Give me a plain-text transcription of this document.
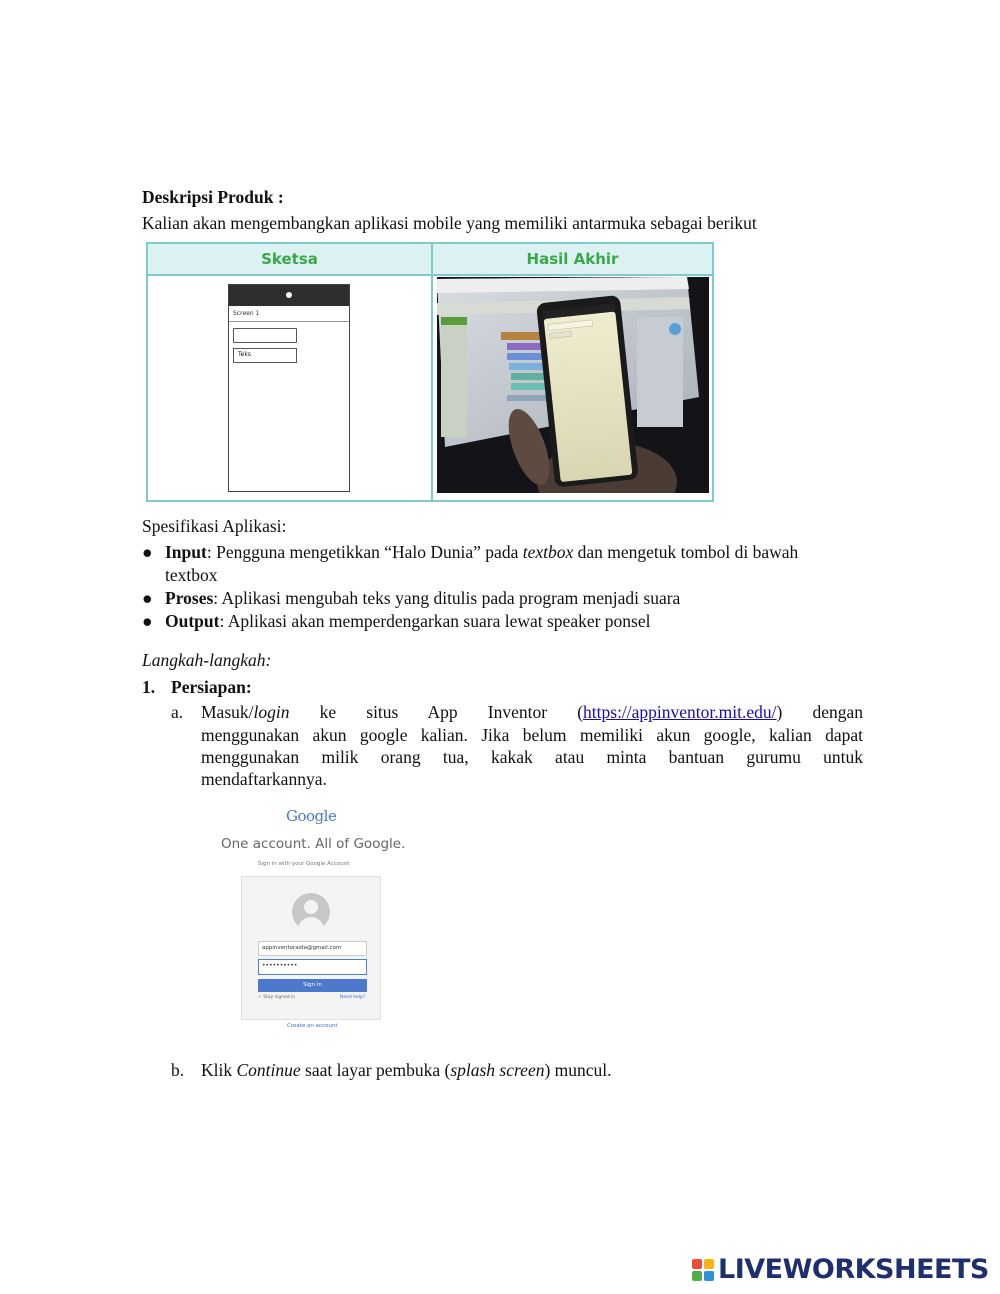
Deskripsi Produk :
Kalian akan mengembangkan aplikasi mobile yang memiliki antarmuka sebagai berikut
Sketsa	Hasil Akhir
Screen 1
Teks
Spesifikasi Aplikasi:
● Input: Pengguna mengetikkan “Halo Dunia” pada textbox dan mengetuk tombol di bawah
textbox
● Proses: Aplikasi mengubah teks yang ditulis pada program menjadi suara
● Output: Aplikasi akan memperdengarkan suara lewat speaker ponsel
Langkah-langkah:
1. Persiapan:
a. Masuk/login ke situs App Inventor (https://appinventor.mit.edu/) dengan
menggunakan akun google kalian. Jika belum memiliki akun google, kalian dapat
menggunakan milik orang tua, kakak atau minta bantuan gurumu untuk
mendaftarkannya.
Google
One account. All of Google.
Sign in with your Google Account
appinventoraida@gmail.com
••••••••••
Sign in
✓ Stay signed in	Need help?
Create an account
b. Klik Continue saat layar pembuka (splash screen) muncul.
LIVEWORKSHEETS
